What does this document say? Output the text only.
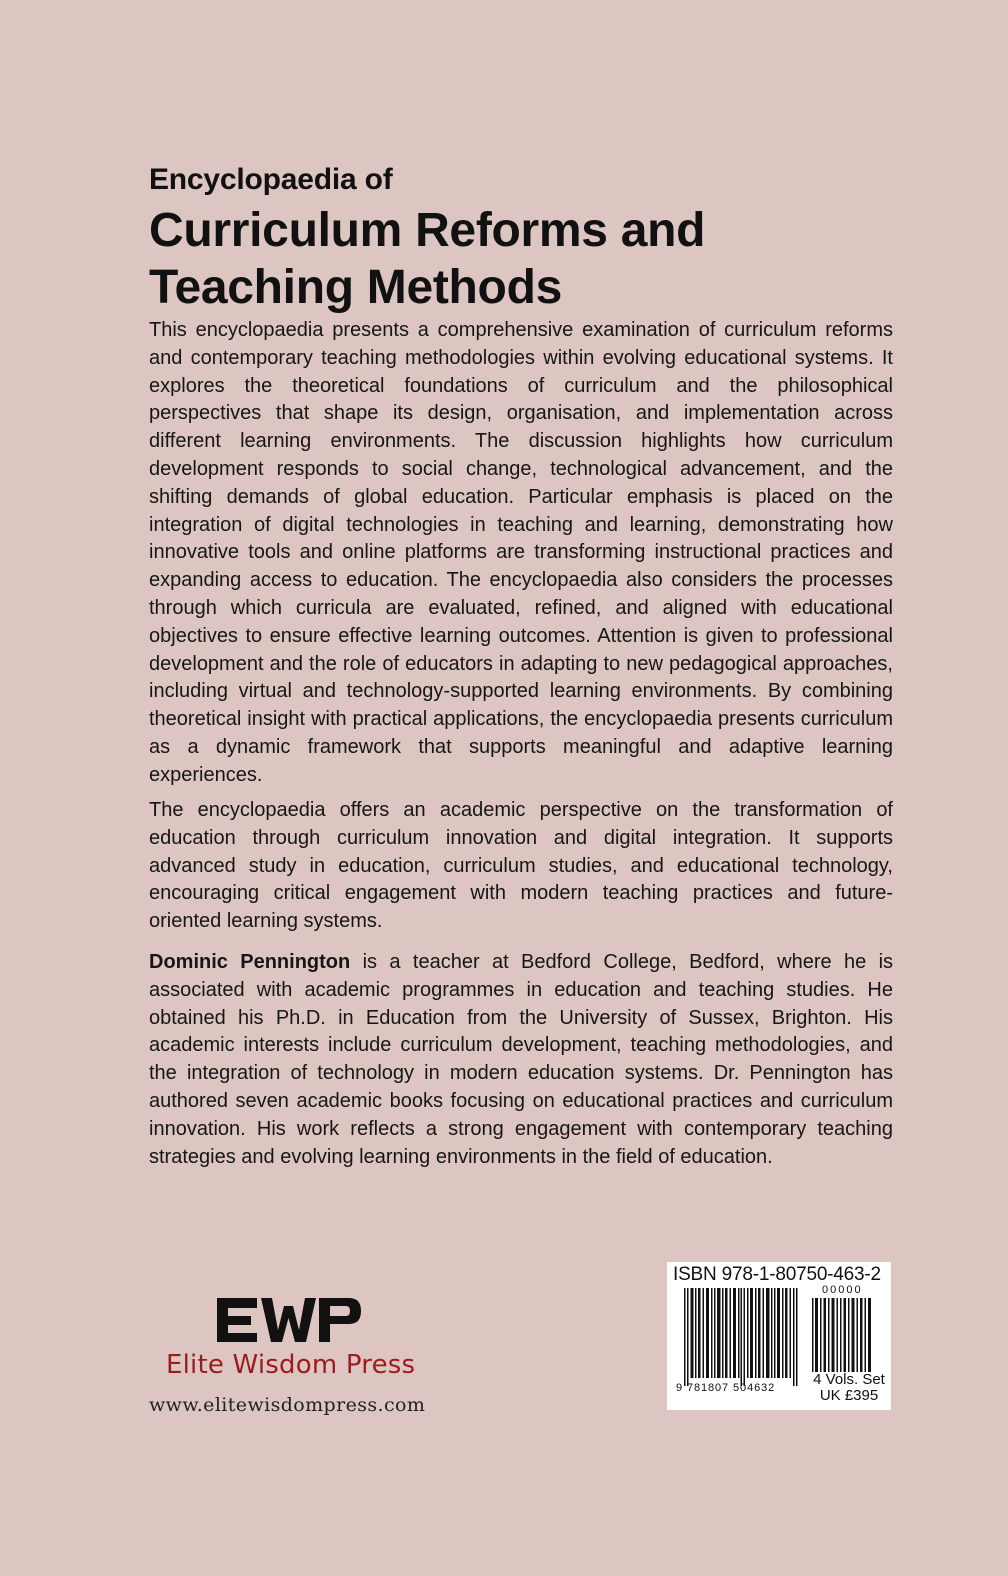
Encyclopaedia of
Curriculum Reforms and
Teaching Methods

This encyclopaedia presents a comprehensive examination of curriculum reforms and contemporary teaching methodologies within evolving educational systems. It explores the theoretical foundations of curriculum and the philosophical perspectives that shape its design, organisation, and implementation across different learning environments. The discussion highlights how curriculum development responds to social change, technological advancement, and the shifting demands of global education. Particular emphasis is placed on the integration of digital technologies in teaching and learning, demonstrating how innovative tools and online platforms are transforming instructional practices and expanding access to education. The encyclopaedia also considers the processes through which curricula are evaluated, refined, and aligned with educational objectives to ensure effective learning outcomes. Attention is given to professional development and the role of educators in adapting to new pedagogical approaches, including virtual and technology-supported learning environments. By combining theoretical insight with practical applications, the encyclopaedia presents curriculum as a dynamic framework that supports meaningful and adaptive learning experiences.

The encyclopaedia offers an academic perspective on the transformation of education through curriculum innovation and digital integration. It supports advanced study in education, curriculum studies, and educational technology, encouraging critical engagement with modern teaching practices and future-oriented learning systems.

Dominic Pennington is a teacher at Bedford College, Bedford, where he is associated with academic programmes in education and teaching studies. He obtained his Ph.D. in Education from the University of Sussex, Brighton. His academic interests include curriculum development, teaching methodologies, and the integration of technology in modern education systems. Dr. Pennington has authored seven academic books focusing on educational practices and curriculum innovation. His work reflects a strong engagement with contemporary teaching strategies and evolving learning environments in the field of education.

Elite Wisdom Press
www.elitewisdompress.com
ISBN 978-1-80750-463-2
9 781807 504632
00000
4 Vols. Set
UK £395
